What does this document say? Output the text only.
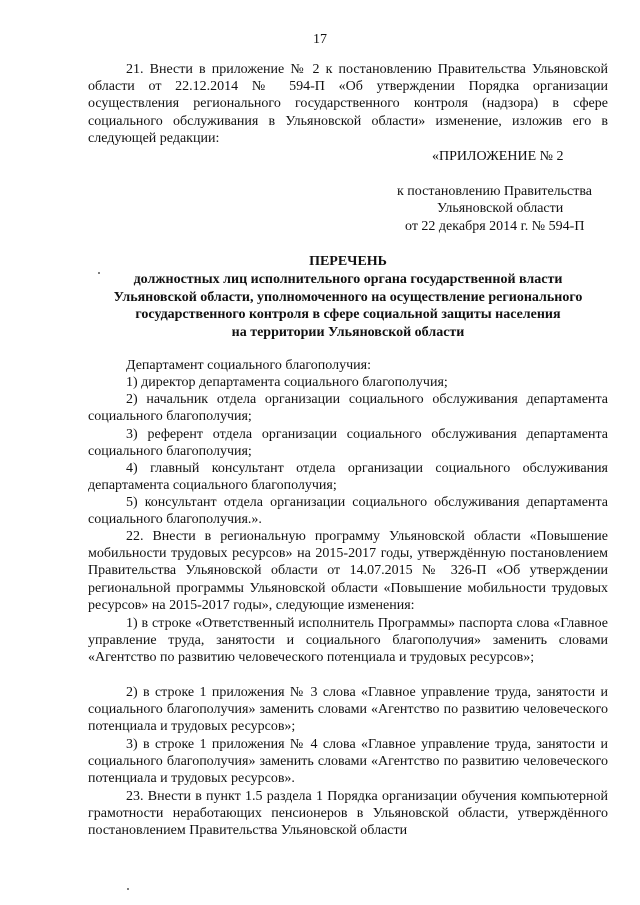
17
21. Внести в приложение № 2 к постановлению Правительства Ульяновской области от 22.12.2014 № 594-П «Об утверждении Порядка организации осуществления регионального государственного контроля (надзора) в сфере социального обслуживания в Ульяновской области» изменение, изложив его в следующей редакции:
«ПРИЛОЖЕНИЕ № 2
к постановлению Правительства
Ульяновской области
от 22 декабря 2014 г. № 594-П
ПЕРЕЧЕНЬ
должностных лиц исполнительного органа государственной власти
Ульяновской области, уполномоченного на осуществление регионального
государственного контроля в сфере социальной защиты населения
на территории Ульяновской области
Департамент социального благополучия:
1) директор департамента социального благополучия;
2) начальник отдела организации социального обслуживания департамента социального благополучия;
3) референт отдела организации социального обслуживания департамента социального благополучия;
4) главный консультант отдела организации социального обслуживания департамента социального благополучия;
5) консультант отдела организации социального обслуживания департамента социального благополучия.».
22. Внести в региональную программу Ульяновской области «Повышение мобильности трудовых ресурсов» на 2015-2017 годы, утверждённую постановлением Правительства Ульяновской области от 14.07.2015 № 326-П «Об утверждении региональной программы Ульяновской области «Повышение мобильности трудовых ресурсов» на 2015-2017 годы», следующие изменения:
1) в строке «Ответственный исполнитель Программы» паспорта слова «Главное управление труда, занятости и социального благополучия» заменить словами «Агентство по развитию человеческого потенциала и трудовых ресурсов»;
2) в строке 1 приложения № 3 слова «Главное управление труда, занятости и социального благополучия» заменить словами «Агентство по развитию человеческого потенциала и трудовых ресурсов»;
3) в строке 1 приложения № 4 слова «Главное управление труда, занятости и социального благополучия» заменить словами «Агентство по развитию человеческого потенциала и трудовых ресурсов».
23. Внести в пункт 1.5 раздела 1 Порядка организации обучения компьютерной грамотности неработающих пенсионеров в Ульяновской области, утверждённого постановлением Правительства Ульяновской области
